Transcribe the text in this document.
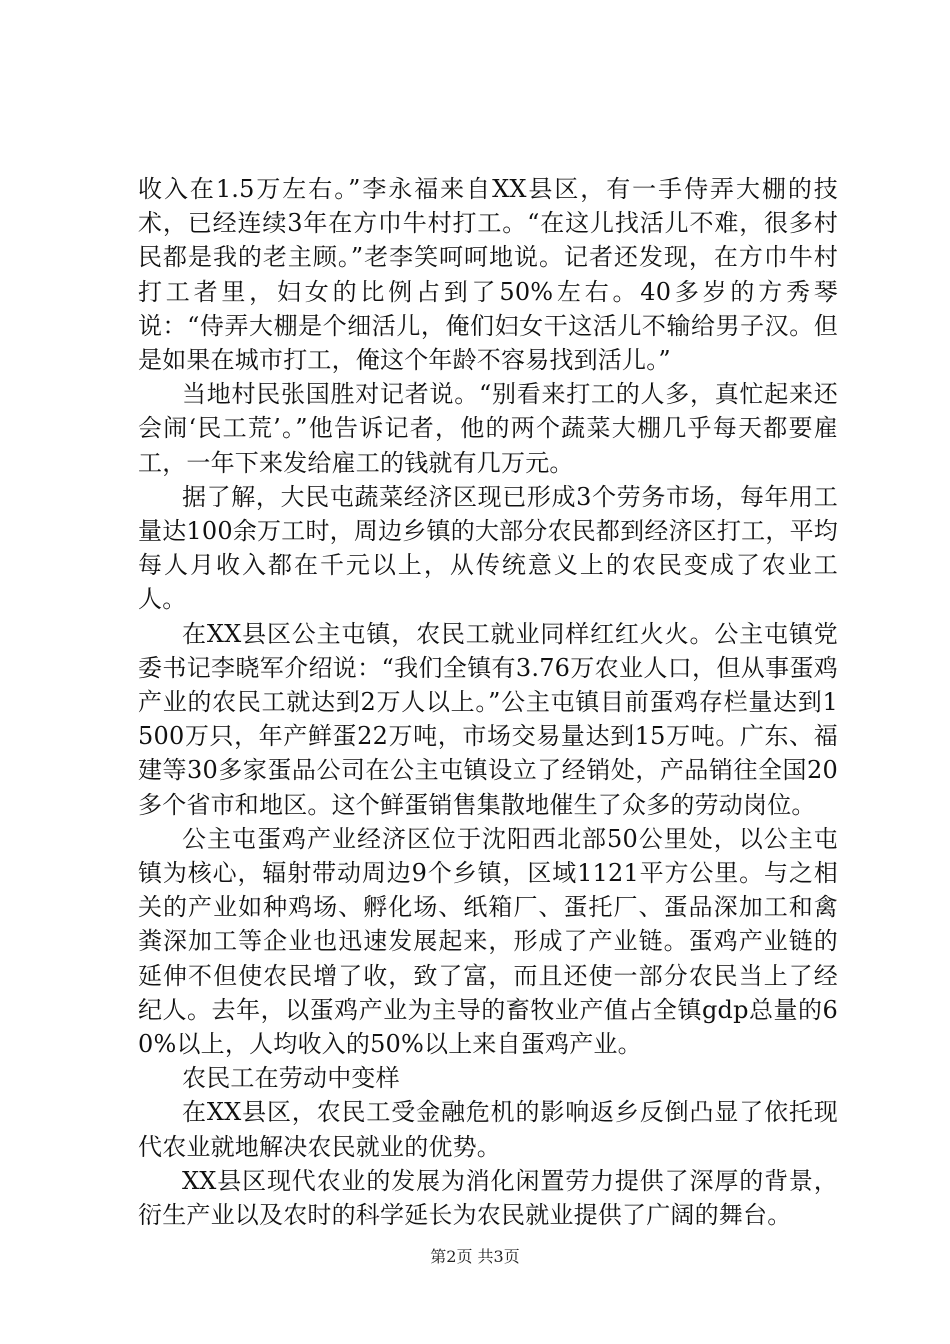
收入在1.5万左右。”李永福来自XX县区，有一手侍弄大棚的技术，已经连续3年在方巾牛村打工。“在这儿找活儿不难，很多村民都是我的老主顾。”老李笑呵呵地说。记者还发现，在方巾牛村打工者里，妇女的比例占到了50%左右。40多岁的方秀琴说：“侍弄大棚是个细活儿，俺们妇女干这活儿不输给男子汉。但是如果在城市打工，俺这个年龄不容易找到活儿。”

当地村民张国胜对记者说。“别看来打工的人多，真忙起来还会闹‘民工荒’。”他告诉记者，他的两个蔬菜大棚几乎每天都要雇工，一年下来发给雇工的钱就有几万元。

据了解，大民屯蔬菜经济区现已形成3个劳务市场，每年用工量达100余万工时，周边乡镇的大部分农民都到经济区打工，平均每人月收入都在千元以上，从传统意义上的农民变成了农业工人。

在XX县区公主屯镇，农民工就业同样红红火火。公主屯镇党委书记李晓军介绍说：“我们全镇有3.76万农业人口，但从事蛋鸡产业的农民工就达到2万人以上。”公主屯镇目前蛋鸡存栏量达到1500万只，年产鲜蛋22万吨，市场交易量达到15万吨。广东、福建等30多家蛋品公司在公主屯镇设立了经销处，产品销往全国20多个省市和地区。这个鲜蛋销售集散地催生了众多的劳动岗位。

公主屯蛋鸡产业经济区位于沈阳西北部50公里处，以公主屯镇为核心，辐射带动周边9个乡镇，区域1121平方公里。与之相关的产业如种鸡场、孵化场、纸箱厂、蛋托厂、蛋品深加工和禽粪深加工等企业也迅速发展起来，形成了产业链。蛋鸡产业链的延伸不但使农民增了收，致了富，而且还使一部分农民当上了经纪人。去年，以蛋鸡产业为主导的畜牧业产值占全镇gdp总量的60%以上，人均收入的50%以上来自蛋鸡产业。

农民工在劳动中变样

在XX县区，农民工受金融危机的影响返乡反倒凸显了依托现代农业就地解决农民就业的优势。

XX县区现代农业的发展为消化闲置劳力提供了深厚的背景，衍生产业以及农时的科学延长为农民就业提供了广阔的舞台。

第2页 共3页
